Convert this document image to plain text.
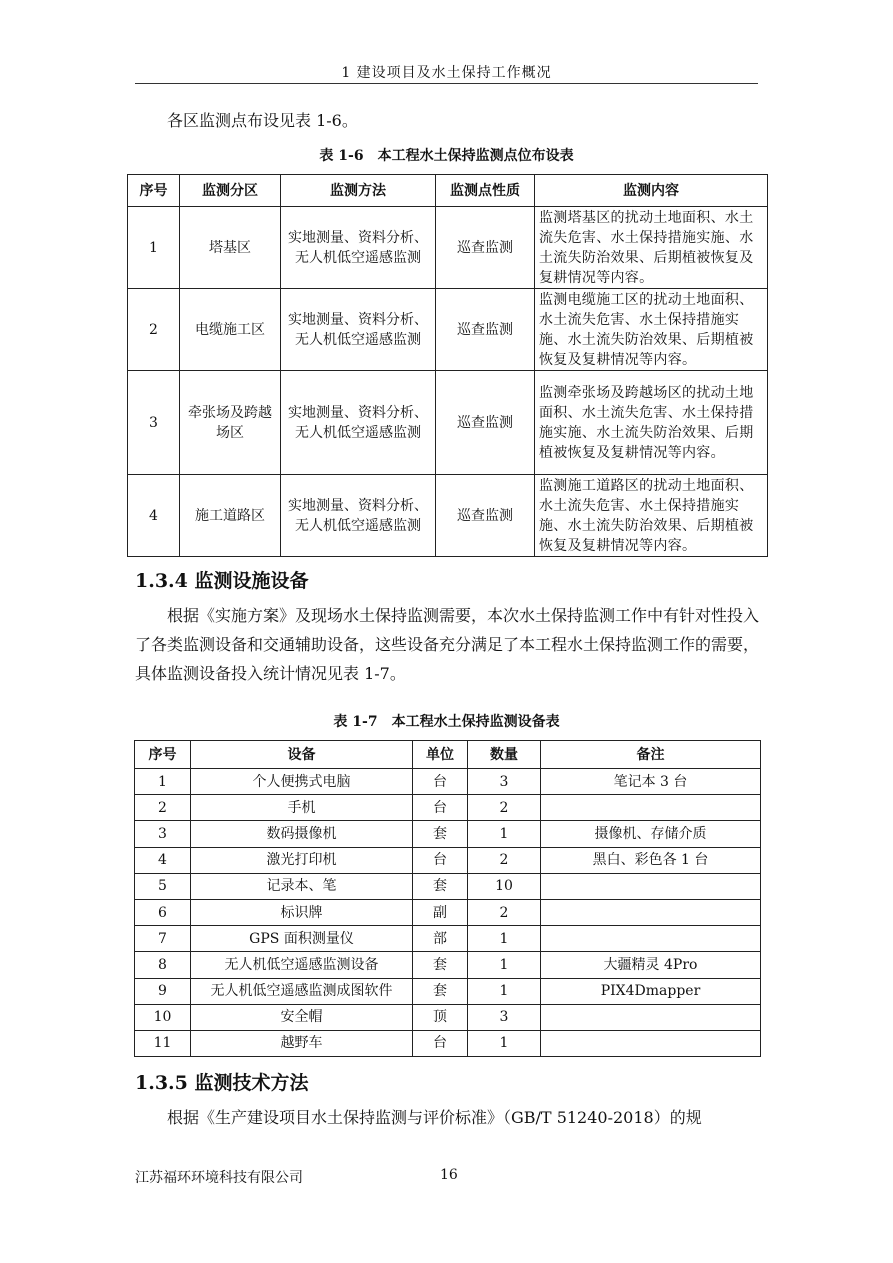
1 建设项目及水土保持工作概况
各区监测点布设见表 1-6。
表 1-6　本工程水土保持监测点位布设表
序号	监测分区	监测方法	监测点性质	监测内容
1	塔基区	实地测量、资料分析、无人机低空遥感监测	巡查监测	监测塔基区的扰动土地面积、水土流失危害、水土保持措施实施、水土流失防治效果、后期植被恢复及复耕情况等内容。
2	电缆施工区	实地测量、资料分析、无人机低空遥感监测	巡查监测	监测电缆施工区的扰动土地面积、水土流失危害、水土保持措施实施、水土流失防治效果、后期植被恢复及复耕情况等内容。
3	牵张场及跨越场区	实地测量、资料分析、无人机低空遥感监测	巡查监测	监测牵张场及跨越场区的扰动土地面积、水土流失危害、水土保持措施实施、水土流失防治效果、后期植被恢复及复耕情况等内容。
4	施工道路区	实地测量、资料分析、无人机低空遥感监测	巡查监测	监测施工道路区的扰动土地面积、水土流失危害、水土保持措施实施、水土流失防治效果、后期植被恢复及复耕情况等内容。
1.3.4 监测设施设备
根据《实施方案》及现场水土保持监测需要，本次水土保持监测工作中有针对性投入了各类监测设备和交通辅助设备，这些设备充分满足了本工程水土保持监测工作的需要，具体监测设备投入统计情况见表 1-7。
表 1-7　本工程水土保持监测设备表
序号	设备	单位	数量	备注
1	个人便携式电脑	台	3	笔记本 3 台
2	手机	台	2	
3	数码摄像机	套	1	摄像机、存储介质
4	激光打印机	台	2	黑白、彩色各 1 台
5	记录本、笔	套	10	
6	标识牌	副	2	
7	GPS 面积测量仪	部	1	
8	无人机低空遥感监测设备	套	1	大疆精灵 4Pro
9	无人机低空遥感监测成图软件	套	1	PIX4Dmapper
10	安全帽	顶	3	
11	越野车	台	1	
1.3.5 监测技术方法
根据《生产建设项目水土保持监测与评价标准》（GB/T 51240-2018）的规
江苏福环环境科技有限公司	16
